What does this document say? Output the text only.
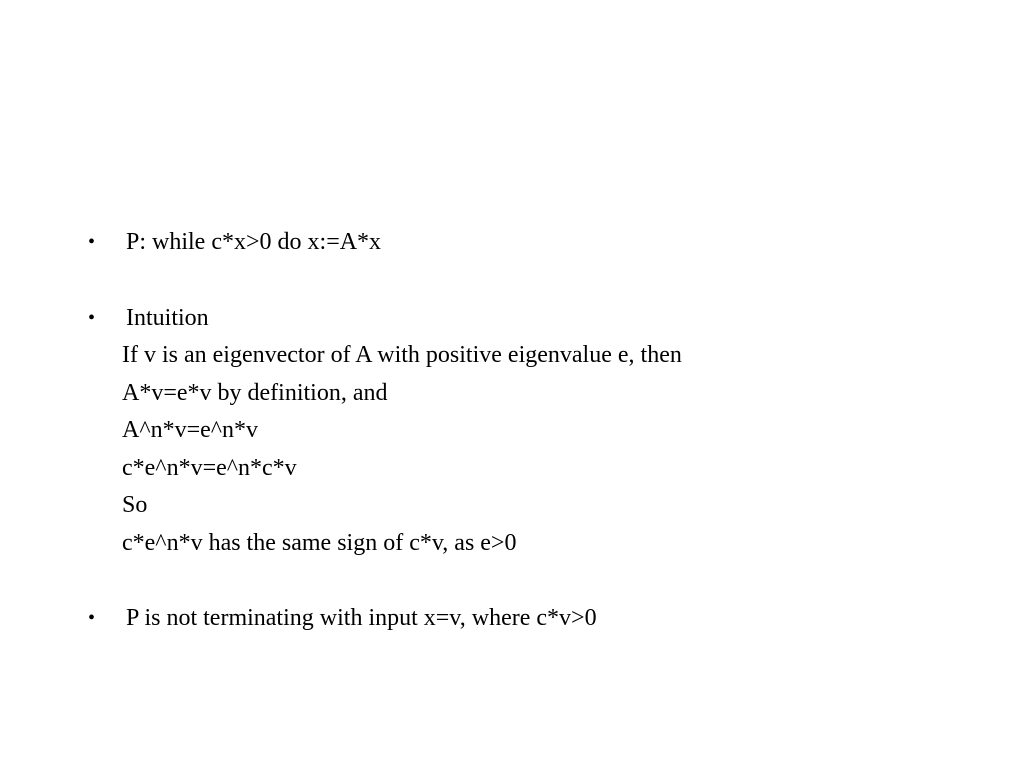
• P: while c*x>0 do x:=A*x
• Intuition
If v is an eigenvector of A with positive eigenvalue e, then
A*v=e*v by definition, and
A^n*v=e^n*v
c*e^n*v=e^n*c*v
So
c*e^n*v has the same sign of c*v, as e>0
• P is not terminating with input x=v, where c*v>0
